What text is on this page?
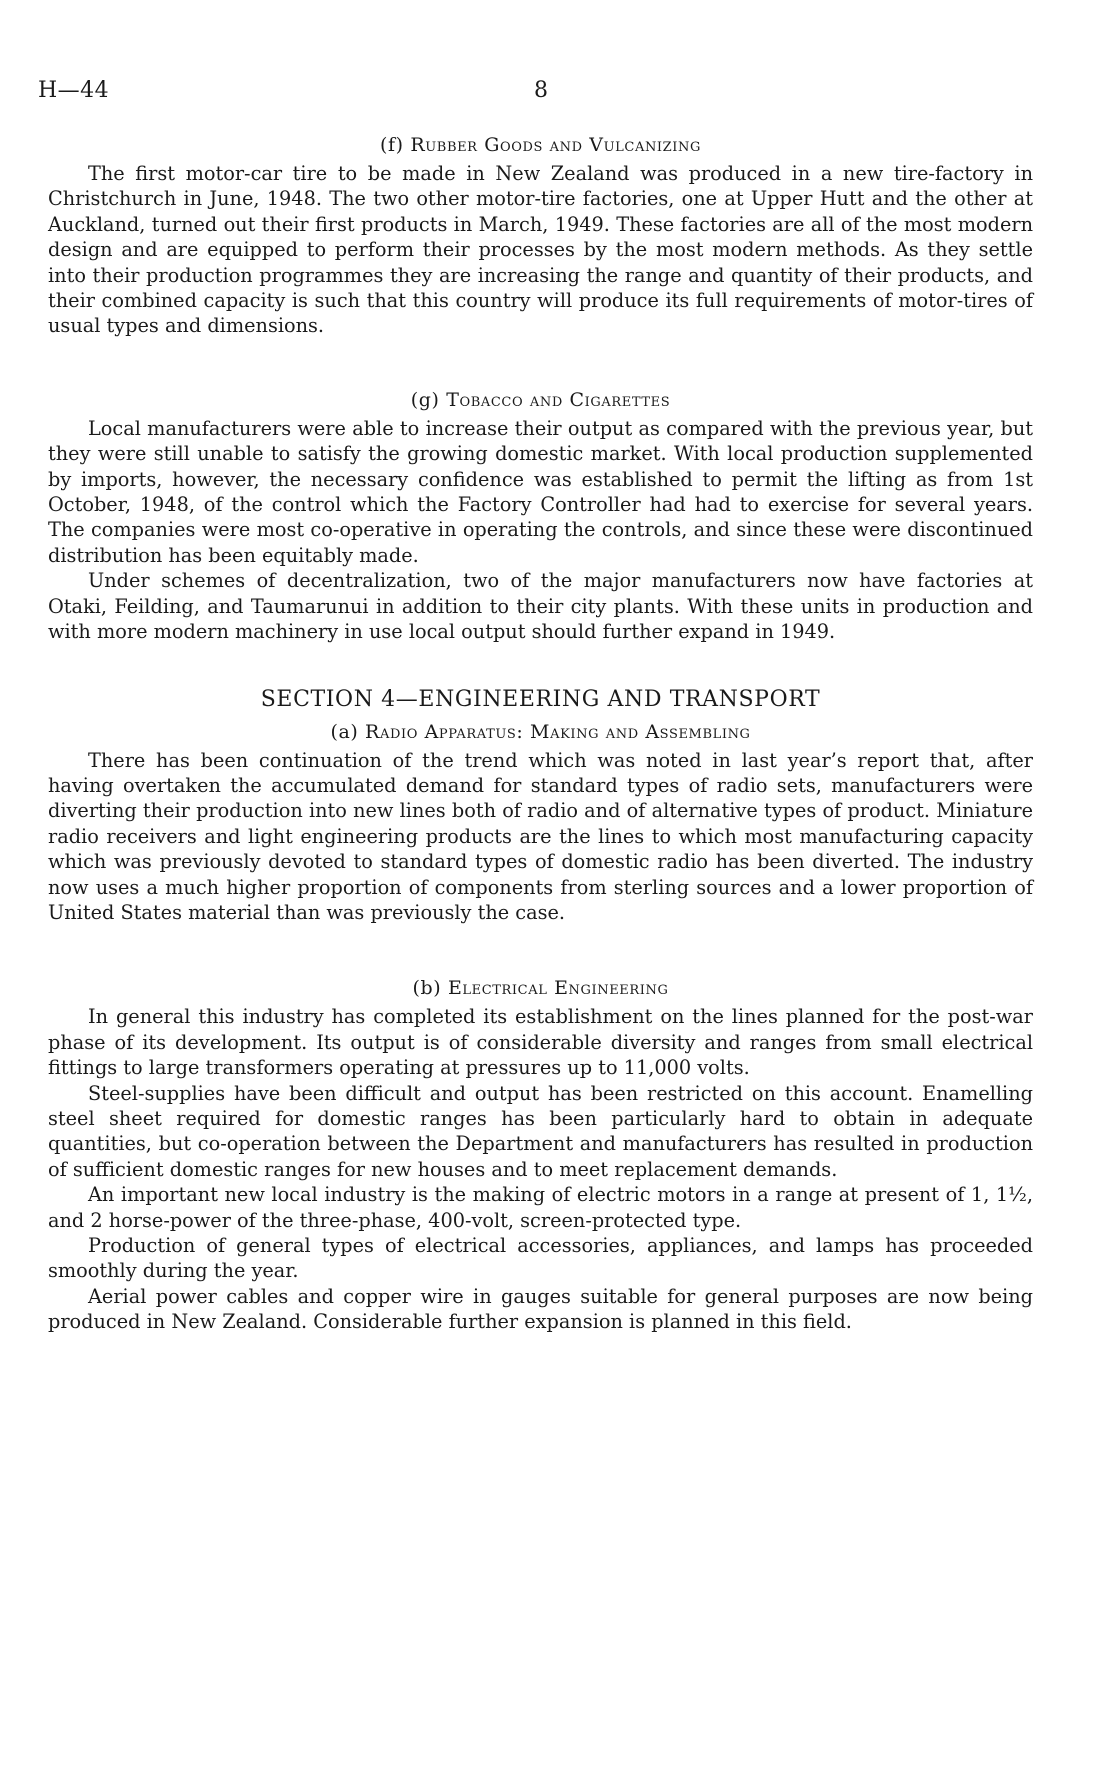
H—44	8
(f) Rubber Goods and Vulcanizing

The first motor-car tire to be made in New Zealand was produced in a new tire-factory in Christchurch in June, 1948. The two other motor-tire factories, one at Upper Hutt and the other at Auckland, turned out their first products in March, 1949. These factories are all of the most modern design and are equipped to perform their processes by the most modern methods. As they settle into their production programmes they are increasing the range and quantity of their products, and their combined capacity is such that this country will produce its full requirements of motor-tires of usual types and dimensions.

(g) Tobacco and Cigarettes

Local manufacturers were able to increase their output as compared with the previous year, but they were still unable to satisfy the growing domestic market. With local production supplemented by imports, however, the necessary confidence was established to permit the lifting as from 1st October, 1948, of the control which the Factory Controller had had to exercise for several years. The companies were most co-operative in operating the controls, and since these were discontinued distribution has been equitably made.

Under schemes of decentralization, two of the major manufacturers now have factories at Otaki, Feilding, and Taumarunui in addition to their city plants. With these units in production and with more modern machinery in use local output should further expand in 1949.

SECTION 4—ENGINEERING AND TRANSPORT
(a) Radio Apparatus: Making and Assembling

There has been continuation of the trend which was noted in last year’s report that, after having overtaken the accumulated demand for standard types of radio sets, manufacturers were diverting their production into new lines both of radio and of alternative types of product. Miniature radio receivers and light engineering products are the lines to which most manufacturing capacity which was previously devoted to standard types of domestic radio has been diverted. The industry now uses a much higher proportion of components from sterling sources and a lower proportion of United States material than was previously the case.

(b) Electrical Engineering

In general this industry has completed its establishment on the lines planned for the post-war phase of its development. Its output is of considerable diversity and ranges from small electrical fittings to large transformers operating at pressures up to 11,000 volts.

Steel-supplies have been difficult and output has been restricted on this account. Enamelling steel sheet required for domestic ranges has been particularly hard to obtain in adequate quantities, but co-operation between the Department and manufacturers has resulted in production of sufficient domestic ranges for new houses and to meet replacement demands.

An important new local industry is the making of electric motors in a range at present of 1, 1½, and 2 horse-power of the three-phase, 400-volt, screen-protected type.

Production of general types of electrical accessories, appliances, and lamps has proceeded smoothly during the year.

Aerial power cables and copper wire in gauges suitable for general purposes are now being produced in New Zealand. Considerable further expansion is planned in this field.
